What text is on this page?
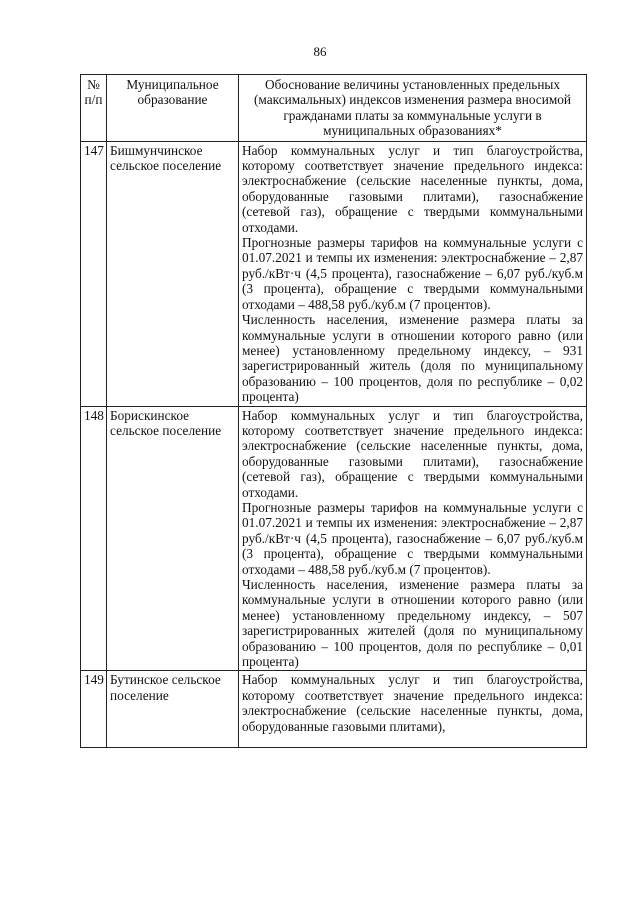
86
№ п/п	Муниципальное образование	Обоснование величины установленных предельных (максимальных) индексов изменения размера вносимой гражданами платы за коммунальные услуги в муниципальных образованиях*
147	Бишмунчинское сельское поселение	Набор коммунальных услуг и тип благоустройства, которому соответствует значение предельного индекса: электроснабжение (сельские населенные пункты, дома, оборудованные газовыми плитами), газоснабжение (сетевой газ), обращение с твердыми коммунальными отходами.
Прогнозные размеры тарифов на коммунальные услуги с 01.07.2021 и темпы их изменения: электроснабжение – 2,87 руб./кВт·ч (4,5 процента), газоснабжение – 6,07 руб./куб.м (3 процента), обращение с твердыми коммунальными отходами – 488,58 руб./куб.м (7 процентов).
Численность населения, изменение размера платы за коммунальные услуги в отношении которого равно (или менее) установленному предельному индексу, – 931 зарегистрированный житель (доля по муниципальному образованию – 100 процентов, доля по республике – 0,02 процента)

148	Борискинское сельское поселение	Набор коммунальных услуг и тип благоустройства, которому соответствует значение предельного индекса: электроснабжение (сельские населенные пункты, дома, оборудованные газовыми плитами), газоснабжение (сетевой газ), обращение с твердыми коммунальными отходами.
Прогнозные размеры тарифов на коммунальные услуги с 01.07.2021 и темпы их изменения: электроснабжение – 2,87 руб./кВт·ч (4,5 процента), газоснабжение – 6,07 руб./куб.м (3 процента), обращение с твердыми коммунальными отходами – 488,58 руб./куб.м (7 процентов).
Численность населения, изменение размера платы за коммунальные услуги в отношении которого равно (или менее) установленному предельному индексу, – 507 зарегистрированных жителей (доля по муниципальному образованию – 100 процентов, доля по республике – 0,01 процента)

149	Бутинское сельское поселение	Набор коммунальных услуг и тип благоустройства, которому соответствует значение предельного индекса: электроснабжение (сельские населенные пункты, дома, оборудованные газовыми плитами),
